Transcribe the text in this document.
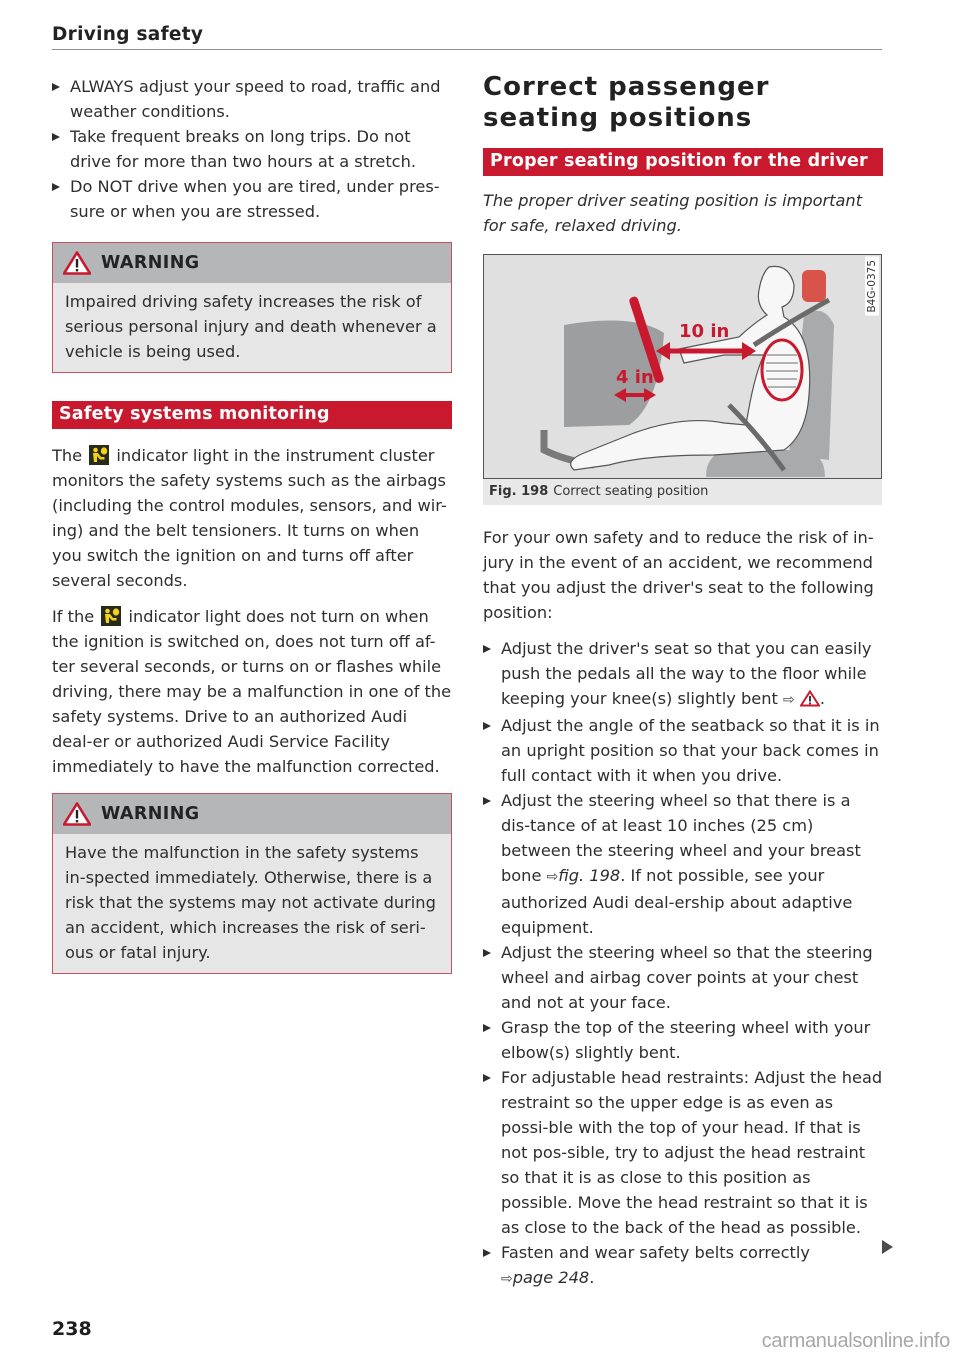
Driving safety
ALWAYS adjust your speed to road, traffic and weather conditions.
Take frequent breaks on long trips. Do not drive for more than two hours at a stretch.
Do NOT drive when you are tired, under pres-sure or when you are stressed.
WARNING
Impaired driving safety increases the risk of serious personal injury and death whenever a vehicle is being used.
Safety systems monitoring

The indicator light in the instrument cluster monitors the safety systems such as the airbags (including the control modules, sensors, and wir-ing) and the belt tensioners. It turns on when you switch the ignition on and turns off after several seconds.

If the indicator light does not turn on when the ignition is switched on, does not turn off af-ter several seconds, or turns on or flashes while driving, there may be a malfunction in one of the safety systems. Drive to an authorized Audi deal-er or authorized Audi Service Facility immediately to have the malfunction corrected.

WARNING
Have the malfunction in the safety systems in-spected immediately. Otherwise, there is a risk that the systems may not activate during an accident, which increases the risk of seri-ous or fatal injury.
Correct passenger seating positions
Proper seating position for the driver

The proper driver seating position is important for safe, relaxed driving.

10 in
4 in
B4G-0375
Fig. 198 Correct seating position

For your own safety and to reduce the risk of in-jury in the event of an accident, we recommend that you adjust the driver's seat to the following position:

Adjust the driver's seat so that you can easily push the pedals all the way to the floor while keeping your knee(s) slightly bent ⇨ .
Adjust the angle of the seatback so that it is in an upright position so that your back comes in full contact with it when you drive.
Adjust the steering wheel so that there is a dis-tance of at least 10 inches (25 cm) between the steering wheel and your breast bone ⇨fig. 198. If not possible, see your authorized Audi deal-ership about adaptive equipment.
Adjust the steering wheel so that the steering wheel and airbag cover points at your chest and not at your face.
Grasp the top of the steering wheel with your elbow(s) slightly bent.
For adjustable head restraints: Adjust the head restraint so the upper edge is as even as possi-ble with the top of your head. If that is not pos-sible, try to adjust the head restraint so that it is as close to this position as possible. Move the head restraint so that it is as close to the back of the head as possible.
Fasten and wear safety belts correctly
⇨page 248.
238
carmanualsonline.info
